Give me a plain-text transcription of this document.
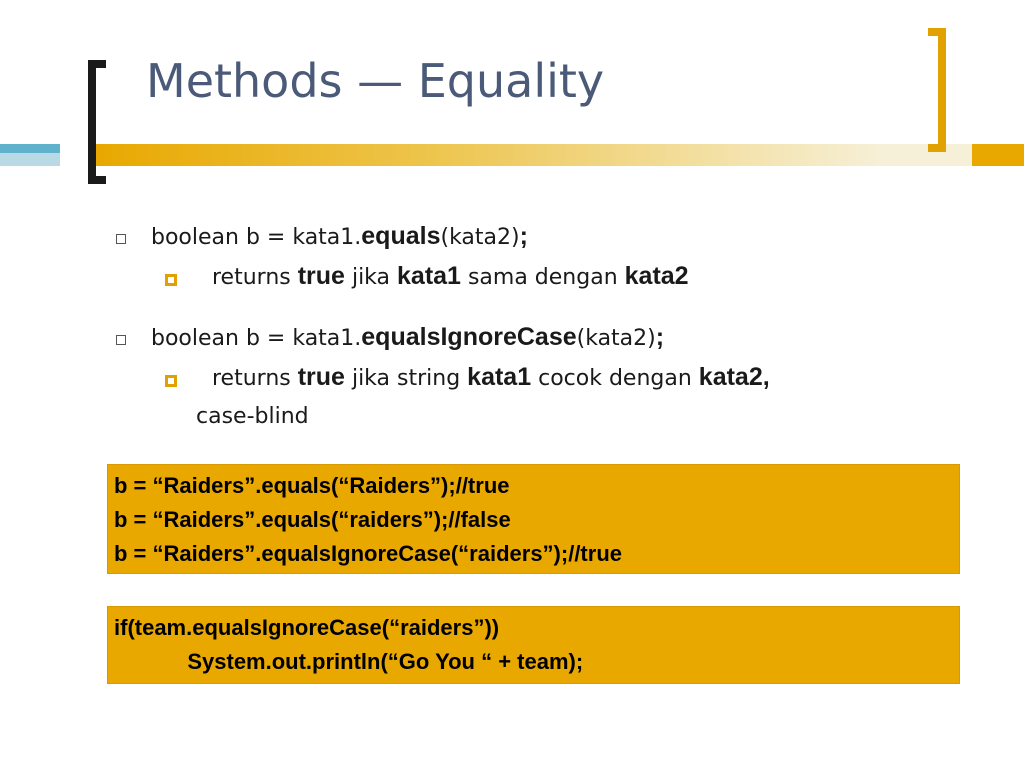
Methods — Equality
boolean b = kata1.equals(kata2);
returns true jika kata1 sama dengan kata2
boolean b = kata1.equalsIgnoreCase(kata2);
returns true jika string kata1 cocok dengan kata2,
case-blind
b = “Raiders”.equals(“Raiders”);//true
b = “Raiders”.equals(“raiders”);//false
b = “Raiders”.equalsIgnoreCase(“raiders”);//true
if(team.equalsIgnoreCase(“raiders”))
System.out.println(“Go You “ + team);
